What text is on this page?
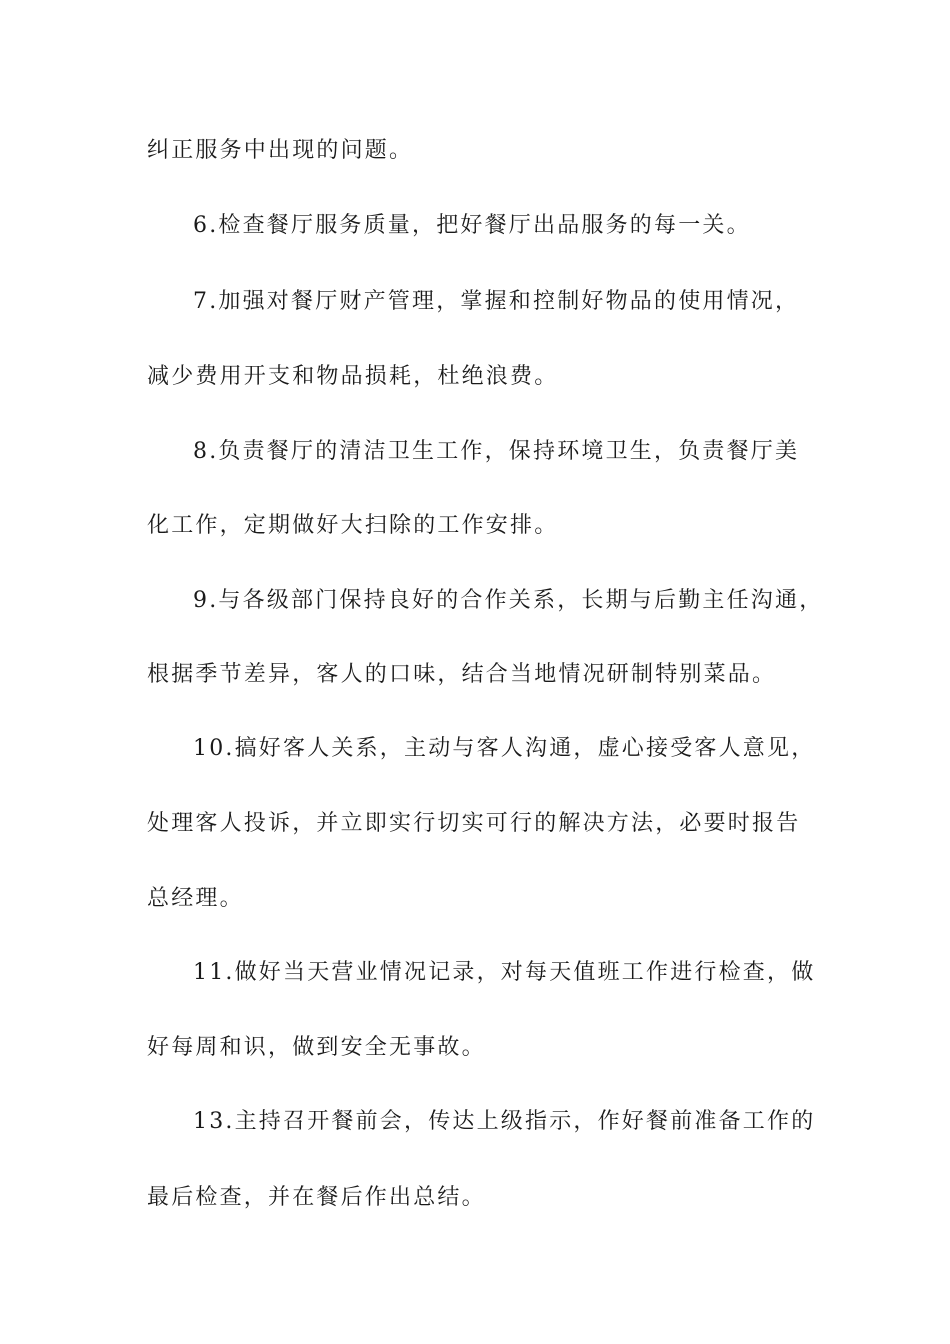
纠正服务中出现的问题。
6.检查餐厅服务质量，把好餐厅出品服务的每一关。
7.加强对餐厅财产管理，掌握和控制好物品的使用情况，
减少费用开支和物品损耗，杜绝浪费。
8.负责餐厅的清洁卫生工作，保持环境卫生，负责餐厅美
化工作，定期做好大扫除的工作安排。
9.与各级部门保持良好的合作关系，长期与后勤主任沟通，
根据季节差异，客人的口味，结合当地情况研制特别菜品。
10.搞好客人关系，主动与客人沟通，虚心接受客人意见，
处理客人投诉，并立即实行切实可行的解决方法，必要时报告
总经理。
11.做好当天营业情况记录，对每天值班工作进行检查，做
好每周和识，做到安全无事故。
13.主持召开餐前会，传达上级指示，作好餐前准备工作的
最后检查，并在餐后作出总结。
